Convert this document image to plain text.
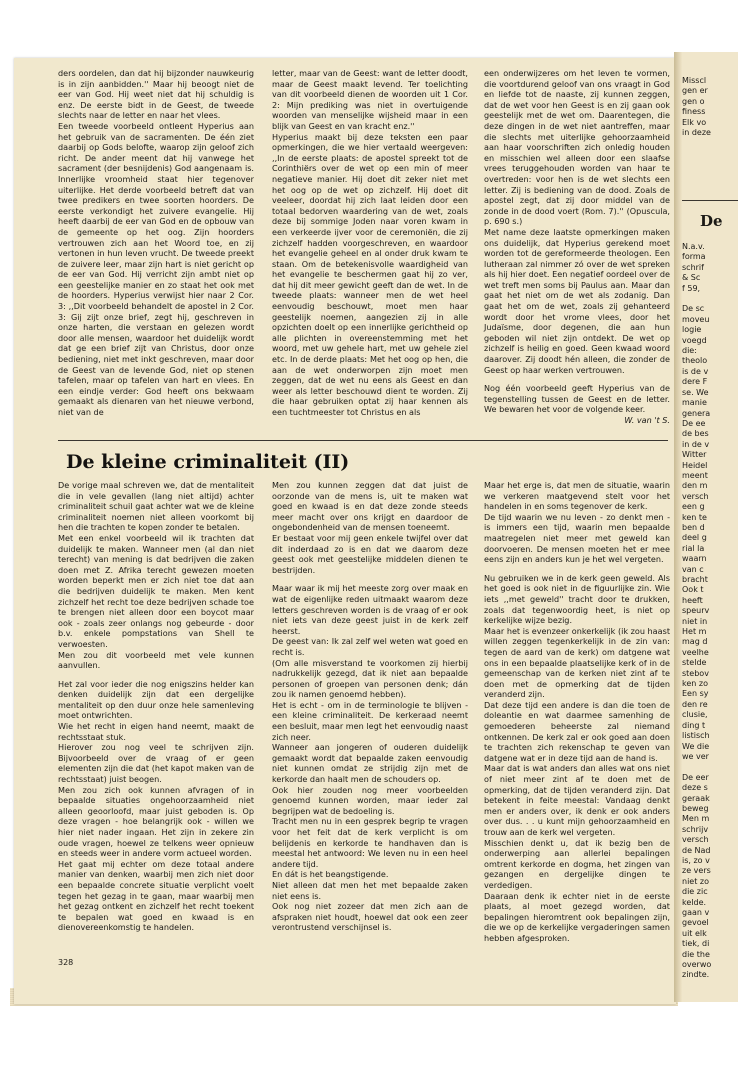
Misscl
gen er
gen o
finess
Elk vo
in deze
De
N.a.v.
forma
schrif
& Sc
f 59,

De sc
moveu
logie
voegd
die:
theolo
is de v
dere F
se. We
manie
genera
De ee
de bes
in de v
Witter
Heidel
meent
den m
versch
een g
ken te
ben d
deel g
rial la
waarn
van c
bracht
Ook t
heeft
speurv
niet in
Het m
mag d
veelhe
stelde
stebov
ken zo
Een sy
den re
clusie,
ding t
listisch
We die
we ver

De eer
deze s
geraak
beweg
Men m
schrijv
versch
de Nad
is, zo v
ze vers
niet zo
die zic
kelde.
gaan v
gevoel
uit elk
tiek, di
die the
overwo
zindte.

ders oordelen, dan dat hij bijzonder nauwkeurig is in zijn aanbidden.'' Maar hij beoogt niet de eer van God. Hij weet niet dat hij schuldig is enz. De eerste bidt in de Geest, de tweede slechts naar de letter en naar het vlees.

Een tweede voorbeeld ontleent Hyperius aan het gebruik van de sacramenten. De één ziet daarbij op Gods belofte, waarop zijn geloof zich richt. De ander meent dat hij vanwege het sacrament (der besnijdenis) God aangenaam is. Innerlijke vroomheid staat hier tegenover uiterlijke. Het derde voorbeeld betreft dat van twee predikers en twee soorten hoorders. De eerste verkondigt het zuivere evangelie. Hij heeft daarbij de eer van God en de opbouw van de gemeente op het oog. Zijn hoorders vertrouwen zich aan het Woord toe, en zij vertonen in hun leven vrucht. De tweede preekt de zuivere leer, maar zijn hart is niet gericht op de eer van God. Hij verricht zijn ambt niet op een geestelijke manier en zo staat het ook met de hoorders. Hyperius verwijst hier naar 2 Cor. 3: ,,Dit voorbeeld behandelt de apostel in 2 Cor. 3: Gij zijt onze brief, zegt hij, geschreven in onze harten, die verstaan en gelezen wordt door alle mensen, waardoor het duidelijk wordt dat ge een brief zijt van Christus, door onze bediening, niet met inkt geschreven, maar door de Geest van de levende God, niet op stenen tafelen, maar op tafelen van hart en vlees. En een eindje verder: God heeft ons bekwaam gemaakt als dienaren van het nieuwe verbond, niet van de

letter, maar van de Geest: want de letter doodt, maar de Geest maakt levend. Ter toelichting van dit voorbeeld dienen de woorden uit 1 Cor. 2: Mijn prediking was niet in overtuigende woorden van menselijke wijsheid maar in een blijk van Geest en van kracht enz.''

Hyperius maakt bij deze teksten een paar opmerkingen, die we hier vertaald weergeven: ,,In de eerste plaats: de apostel spreekt tot de Corinthiërs over de wet op een min of meer negatieve manier. Hij doet dit zeker niet met het oog op de wet op zichzelf. Hij doet dit veeleer, doordat hij zich laat leiden door een totaal bedorven waardering van de wet, zoals deze bij sommige Joden naar voren kwam in een verkeerde ijver voor de ceremoniën, die zij zichzelf hadden voorgeschreven, en waardoor het evangelie geheel en al onder druk kwam te staan. Om de betekenisvolle waardigheid van het evangelie te beschermen gaat hij zo ver, dat hij dit meer gewicht geeft dan de wet. In de tweede plaats: wanneer men de wet heel eenvoudig beschouwt, moet men haar geestelijk noemen, aangezien zij in alle opzichten doelt op een innerlijke gerichtheid op alle plichten in overeenstemming met het woord, met uw gehele hart, met uw gehele ziel etc. In de derde plaats: Met het oog op hen, die aan de wet onderworpen zijn moet men zeggen, dat de wet nu eens als Geest en dan weer als letter beschouwd dient te worden. Zij die haar gebruiken optat zij haar kennen als een tuchtmeester tot Christus en als

een onderwijzeres om het leven te vormen, die voortdurend geloof van ons vraagt in God en liefde tot de naaste, zij kunnen zeggen, dat de wet voor hen Geest is en zij gaan ook geestelijk met de wet om. Daarentegen, die deze dingen in de wet niet aantreffen, maar die slechts met uiterlijke gehoorzaamheid aan haar voorschriften zich onledig houden en misschien wel alleen door een slaafse vrees teruggehouden worden van haar te overtreden: voor hen is de wet slechts een letter. Zij is bediening van de dood. Zoals de apostel zegt, dat zij door middel van de zonde in de dood voert (Rom. 7).'' (Opuscula, p. 690 s.)

Met name deze laatste opmerkingen maken ons duidelijk, dat Hyperius gerekend moet worden tot de gereformeerde theologen. Een lutheraan zal nimmer zó over de wet spreken als hij hier doet. Een negatief oordeel over de wet treft men soms bij Paulus aan. Maar dan gaat het niet om de wet als zodanig. Dan gaat het om de wet, zoals zij gehanteerd wordt door het vrome vlees, door het Judaïsme, door degenen, die aan hun geboden wil niet zijn ontdekt. De wet op zichzelf is heilig en goed. Geen kwaad woord daarover. Zij doodt hén alleen, die zonder de Geest op haar werken vertrouwen.

Nog één voorbeeld geeft Hyperius van de tegenstelling tussen de Geest en de letter. We bewaren het voor de volgende keer.

W. van 't S.

De kleine criminaliteit (II)

De vorige maal schreven we, dat de mentaliteit die in vele gevallen (lang niet altijd) achter criminaliteit schuil gaat achter wat we de kleine criminaliteit noemen niet alleen voorkomt bij hen die trachten te kopen zonder te betalen.

Met een enkel voorbeeld wil ik trachten dat duidelijk te maken. Wanneer men (al dan niet terecht) van mening is dat bedrijven die zaken doen met Z. Afrika terecht gewezen moeten worden beperkt men er zich niet toe dat aan die bedrijven duidelijk te maken. Men kent zichzelf het recht toe deze bedrijven schade toe te brengen niet alleen door een boycot maar ook - zoals zeer onlangs nog gebeurde - door b.v. enkele pompstations van Shell te verwoesten.

Men zou dit voorbeeld met vele kunnen aanvullen.

Het zal voor ieder die nog enigszins helder kan denken duidelijk zijn dat een dergelijke mentaliteit op den duur onze hele samenleving moet ontwrichten.

Wie het recht in eigen hand neemt, maakt de rechtsstaat stuk.

Hierover zou nog veel te schrijven zijn. Bijvoorbeeld over de vraag of er geen elementen zijn die dat (het kapot maken van de rechtsstaat) juist beogen.

Men zou zich ook kunnen afvragen of in bepaalde situaties ongehoorzaamheid niet alleen geoorloofd, maar juist geboden is. Op deze vragen - hoe belangrijk ook - willen we hier niet nader ingaan. Het zijn in zekere zin oude vragen, hoewel ze telkens weer opnieuw en steeds weer in andere vorm actueel worden.

Het gaat mij echter om deze totaal andere manier van denken, waarbij men zich niet door een bepaalde concrete situatie verplicht voelt tegen het gezag in te gaan, maar waarbij men het gezag ontkent en zichzelf het recht toekent te bepalen wat goed en kwaad is en dienovereenkomstig te handelen.

Men zou kunnen zeggen dat dat juist de oorzonde van de mens is, uit te maken wat goed en kwaad is en dat deze zonde steeds meer macht over ons krijgt en daardoor de ongebondenheid van de mensen toeneemt.

Er bestaat voor mij geen enkele twijfel over dat dit inderdaad zo is en dat we daarom deze geest ook met geestelijke middelen dienen te bestrijden.

Maar waar ik mij het meeste zorg over maak en wat de eigenlijke reden uitmaakt waarom deze letters geschreven worden is de vraag of er ook niet iets van deze geest juist in de kerk zelf heerst.

De geest van: Ik zal zelf wel weten wat goed en recht is.

(Om alle misverstand te voorkomen zij hierbij nadrukkelijk gezegd, dat ik niet aan bepaalde personen of groepen van personen denk; dán zou ik namen genoemd hebben).

Het is echt - om in de terminologie te blijven - een kleine criminaliteit. De kerkeraad neemt een besluit, maar men legt het eenvoudig naast zich neer.

Wanneer aan jongeren of ouderen duidelijk gemaakt wordt dat bepaalde zaken eenvoudig niet kunnen omdat ze strijdig zijn met de kerkorde dan haalt men de schouders op.

Ook hier zouden nog meer voorbeelden genoemd kunnen worden, maar ieder zal begrijpen wat de bedoeling is.

Tracht men nu in een gesprek begrip te vragen voor het feit dat de kerk verplicht is om belijdenis en kerkorde te handhaven dan is meestal het antwoord: We leven nu in een heel andere tijd.

En dát is het beangstigende.

Niet alleen dat men het met bepaalde zaken niet eens is.

Ook nog niet zozeer dat men zich aan de afspraken niet houdt, hoewel dat ook een zeer verontrustend verschijnsel is.

Maar het erge is, dat men de situatie, waarin we verkeren maatgevend stelt voor het handelen in en soms tegenover de kerk.

De tijd waarin we nu leven - zo denkt men - is immers een tijd, waarin men bepaalde maatregelen niet meer met geweld kan doorvoeren. De mensen moeten het er mee eens zijn en anders kun je het wel vergeten.

Nu gebruiken we in de kerk geen geweld. Als het goed is ook niet in de figuurlijke zin. Wie iets ,,met geweld'' tracht door te drukken, zoals dat tegenwoordig heet, is niet op kerkelijke wijze bezig.

Maar het is evenzeer onkerkelijk (ik zou haast willen zeggen tegenkerkelijk in de zin van: tegen de aard van de kerk) om datgene wat ons in een bepaalde plaatselijke kerk of in de gemeenschap van de kerken niet zint af te doen met de opmerking dat de tijden veranderd zijn.

Dat deze tijd een andere is dan die toen de doleantie en wat daarmee samenhing de gemoederen beheerste zal niemand ontkennen. De kerk zal er ook goed aan doen te trachten zich rekenschap te geven van datgene wat er in deze tijd aan de hand is.

Maar dat is wat anders dan alles wat ons niet of niet meer zint af te doen met de opmerking, dat de tijden veranderd zijn. Dat betekent in feite meestal: Vandaag denkt men er anders over, ik denk er ook anders over dus. . . u kunt mijn gehoorzaamheid en trouw aan de kerk wel vergeten.

Misschien denkt u, dat ik bezig ben de onderwerping aan allerlei bepalingen omtrent kerkorde en dogma, het zingen van gezangen en dergelijke dingen te verdedigen.

Daaraan denk ik echter niet in de eerste plaats, al moet gezegd worden, dat bepalingen hieromtrent ook bepalingen zijn, die we op de kerkelijke vergaderingen samen hebben afgesproken.

328
